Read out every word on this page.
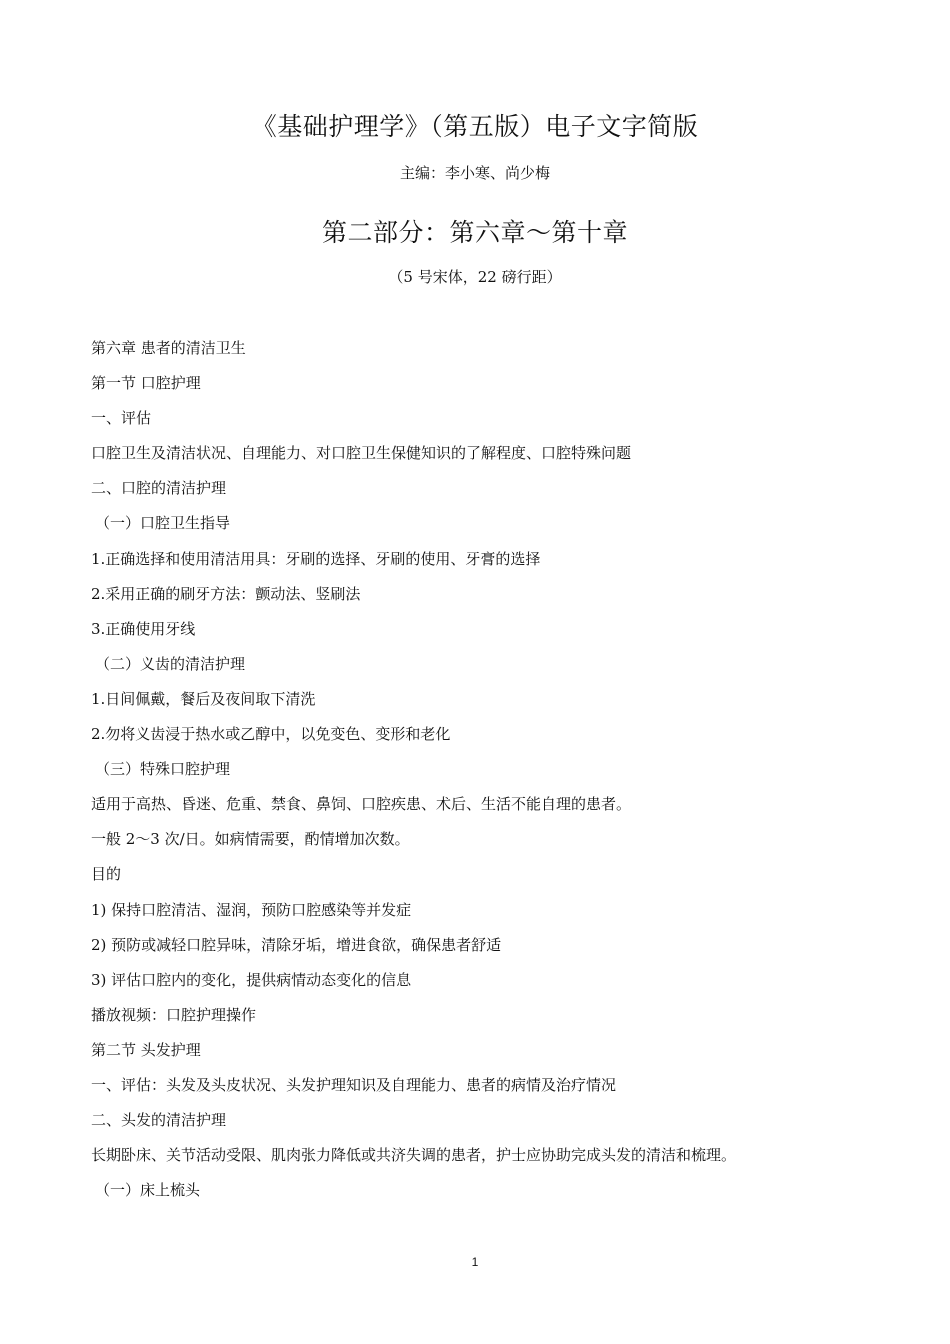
《基础护理学》（第五版）电子文字简版
主编：李小寒、尚少梅
第二部分：第六章～第十章
（5 号宋体，22 磅行距）
第六章 患者的清洁卫生
第一节 口腔护理
一、评估
口腔卫生及清洁状况、自理能力、对口腔卫生保健知识的了解程度、口腔特殊问题
二、口腔的清洁护理
（一）口腔卫生指导
1.正确选择和使用清洁用具：牙刷的选择、牙刷的使用、牙膏的选择
2.采用正确的刷牙方法：颤动法、竖刷法
3.正确使用牙线
（二）义齿的清洁护理
1.日间佩戴，餐后及夜间取下清洗
2.勿将义齿浸于热水或乙醇中，以免变色、变形和老化
（三）特殊口腔护理
适用于高热、昏迷、危重、禁食、鼻饲、口腔疾患、术后、生活不能自理的患者。
一般 2～3 次/日。如病情需要，酌情增加次数。
目的
1) 保持口腔清洁、湿润，预防口腔感染等并发症
2) 预防或减轻口腔异味，清除牙垢，增进食欲，确保患者舒适
3) 评估口腔内的变化，提供病情动态变化的信息
播放视频：口腔护理操作
第二节 头发护理
一、评估：头发及头皮状况、头发护理知识及自理能力、患者的病情及治疗情况
二、头发的清洁护理
长期卧床、关节活动受限、肌肉张力降低或共济失调的患者，护士应协助完成头发的清洁和梳理。
（一）床上梳头
1
